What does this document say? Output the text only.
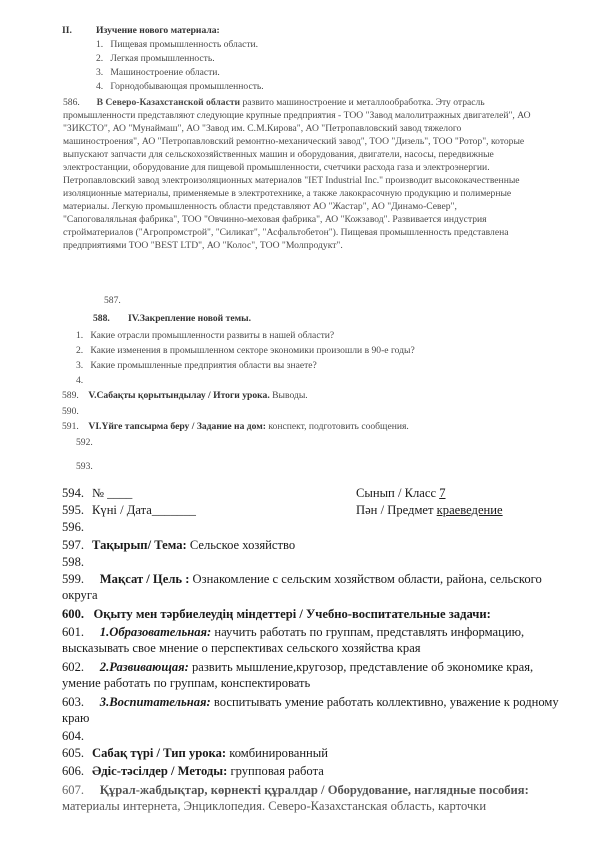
II.	Изучение нового материала:
1. Пищевая промышленность области.
2. Легкая промышленность.
3. Машиностроение области.
4. Горнодобывающая промышленность.
586. В Северо-Казахстанской области развито машиностроение и металлообработка. Эту отрасль промышленности представляют следующие крупные предприятия - ТОО "Завод малолитражных двигателей", АО "ЗИКСТО", АО "Мунаймаш", АО "Завод им. С.М.Кирова", АО "Петропавловский завод тяжелого машиностроения", АО "Петропавловский ремонтно-механический завод", ТОО "Дизель", ТОО "Ротор", которые выпускают запчасти для сельскохозяйственных машин и оборудования, двигатели, насосы, передвижные электростанции, оборудование для пищевой промышленности, счетчики расхода газа и электроэнергии. Петропавловский завод электроизоляционных материалов "IET Industrial Inc." производит высококачественные изоляционные материалы, применяемые в электротехнике, а также лакокрасочную продукцию и полимерные материалы. Легкую промышленность области представляют АО "Жастар", АО "Динамо-Север", "Сапоговаляльная фабрика", ТОО "Овчинно-меховая фабрика", АО "Кожзавод". Развивается индустрия стройматериалов ("Агропромстрой", "Силикат", "Асфальтобетон"). Пищевая промышленность представлена предприятиями ТОО "BEST LTD", АО "Колос", ТОО "Молпродукт".
587.
588. IV.Закрепление новой темы.
1. Какие отрасли промышленности развиты в нашей области?
2. Какие изменения в промышленном секторе экономики произошли в 90-е годы?
3. Какие промышленные предприятия области вы знаете?
4.
589. V.Сабақты қорытындылау / Итоги урока. Выводы.
590.
591. VI.Үйге тапсырма беру / Задание на дом: конспект, подготовить сообщения.
592.
593.
594. № ____	Сынып / Класс 7
595. Күні / Дата_______	Пән / Предмет краеведение
596.
597. Тақырып/ Тема: Сельское хозяйство
598.
599. Мақсат / Цель : Ознакомление с сельским хозяйством области, района, сельского округа
600.   Оқыту мен тәрбиелеудің міндеттері / Учебно-воспитательные задачи:
601. 1.Образовательная: научить работать по группам, представлять информацию, высказывать свое мнение о перспективах сельского хозяйства края
602. 2.Развивающая: развить мышление,кругозор, представление об экономике края, умение работать по группам, конспектировать
603. 3.Воспитательная: воспитывать умение работать коллективно, уважение к родному краю
604.
605. Сабақ түрі / Тип урока: комбинированный
606. Әдіс-тәсілдер / Методы: групповая работа
607. Құрал-жабдықтар, көрнекті құралдар / Оборудование, наглядные пособия: материалы интернета, Энциклопедия. Северо-Казахстанская область, карточки
